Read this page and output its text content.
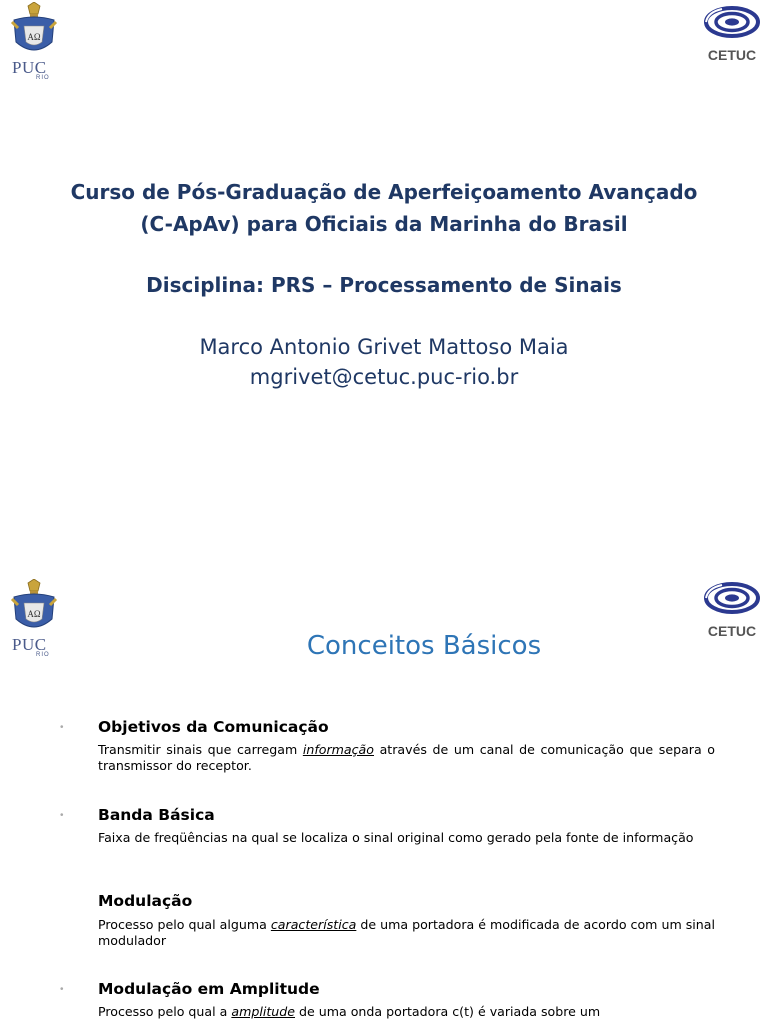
AΩ
PUC
RIO
CETUC
Curso de Pós-Graduação de Aperfeiçoamento Avançado
(C-ApAv) para Oficiais da Marinha do Brasil
Disciplina: PRS – Processamento de Sinais
Marco Antonio Grivet Mattoso Maia
mgrivet@cetuc.puc-rio.br
AΩ
PUC
RIO
CETUC
Conceitos Básicos
• Objetivos da Comunicação
Transmitir sinais que carregam informação através de um canal de comunicação que separa o transmissor do receptor.
• Banda Básica
Faixa de freqüências na qual se localiza o sinal original como gerado pela fonte de informação
Modulação
Processo pelo qual alguma característica de uma portadora é modificada de acordo com um sinal modulador
• Modulação em Amplitude
Processo pelo qual a amplitude de uma onda portadora c(t) é variada sobre um
